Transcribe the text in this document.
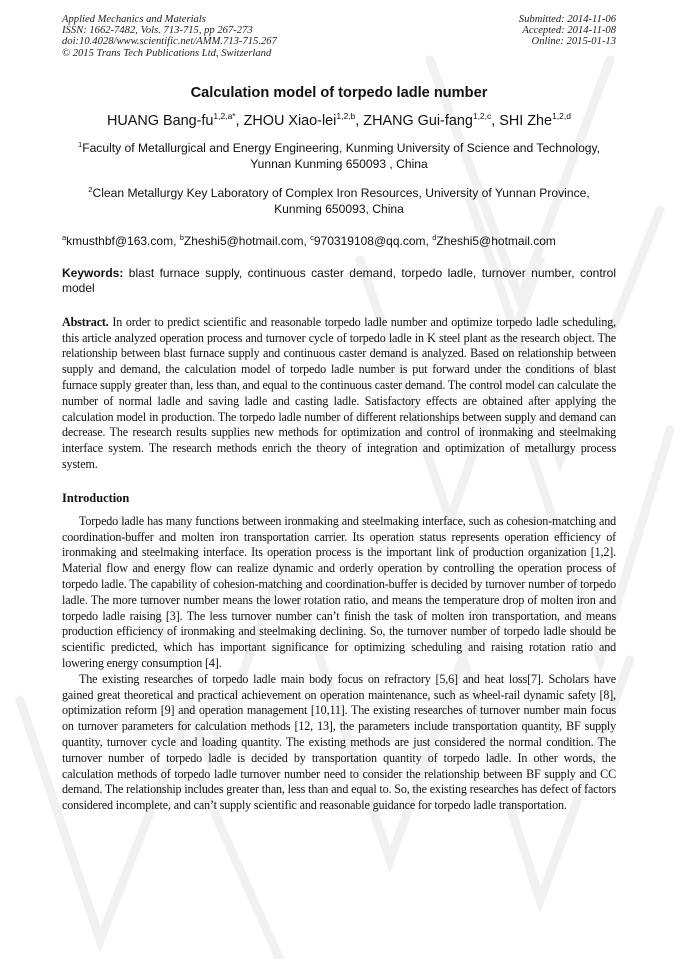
Applied Mechanics and Materials
ISSN: 1662-7482, Vols. 713-715, pp 267-273
doi:10.4028/www.scientific.net/AMM.713-715.267
© 2015 Trans Tech Publications Ltd, Switzerland
Submitted: 2014-11-06
Accepted: 2014-11-08
Online: 2015-01-13
Calculation model of torpedo ladle number
HUANG Bang-$fu^{1,2,a*}$, ZHOU Xiao-lei$^{1,2,b}$, ZHANG Gui-fang$^{1,2,c}$, SHI Zhe$^{1,2,d}$
$^1$Faculty of Metallurgical and Energy Engineering, Kunming University of Science and Technology,
Yunnan Kunming 650093 , China
$^2$Clean Metallurgy Key Laboratory of Complex Iron Resources, University of Yunnan Province,
Kunming 650093, China
$^a$kmusthbf@163.com, $^b$Zheshi5@hotmail.com, $^c$970319108@qq.com, $^d$Zheshi5@hotmail.com
Keywords: blast furnace supply, continuous caster demand, torpedo ladle, turnover number, control model
Abstract. In order to predict scientific and reasonable torpedo ladle number and optimize torpedo ladle scheduling, this article analyzed operation process and turnover cycle of torpedo ladle in K steel plant as the research object. The relationship between blast furnace supply and continuous caster demand is analyzed. Based on relationship between supply and demand, the calculation model of torpedo ladle number is put forward under the conditions of blast furnace supply greater than, less than, and equal to the continuous caster demand. The control model can calculate the number of normal ladle and saving ladle and casting ladle. Satisfactory effects are obtained after applying the calculation model in production. The torpedo ladle number of different relationships between supply and demand can decrease. The research results supplies new methods for optimization and control of ironmaking and steelmaking interface system. The research methods enrich the theory of integration and optimization of metallurgy process system.
Introduction
Torpedo ladle has many functions between ironmaking and steelmaking interface, such as cohesion-matching and coordination-buffer and molten iron transportation carrier. Its operation status represents operation efficiency of ironmaking and steelmaking interface. Its operation process is the important link of production organization [1,2]. Material flow and energy flow can realize dynamic and orderly operation by controlling the operation process of torpedo ladle. The capability of cohesion-matching and coordination-buffer is decided by turnover number of torpedo ladle. The more turnover number means the lower rotation ratio, and means the temperature drop of molten iron and torpedo ladle raising [3]. The less turnover number can’t finish the task of molten iron transportation, and means production efficiency of ironmaking and steelmaking declining. So, the turnover number of torpedo ladle should be scientific predicted, which has important significance for optimizing scheduling and raising rotation ratio and lowering energy consumption [4].
The existing researches of torpedo ladle main body focus on refractory [5,6] and heat loss[7]. Scholars have gained great theoretical and practical achievement on operation maintenance, such as wheel-rail dynamic safety [8], optimization reform [9] and operation management [10,11]. The existing researches of turnover number main focus on turnover parameters for calculation methods [12, 13], the parameters include transportation quantity, BF supply quantity, turnover cycle and loading quantity. The existing methods are just considered the normal condition. The turnover number of torpedo ladle is decided by transportation quantity of torpedo ladle. In other words, the calculation methods of torpedo ladle turnover number need to consider the relationship between BF supply and CC demand. The relationship includes greater than, less than and equal to. So, the existing researches has defect of factors considered incomplete, and can’t supply scientific and reasonable guidance for torpedo ladle transportation.
